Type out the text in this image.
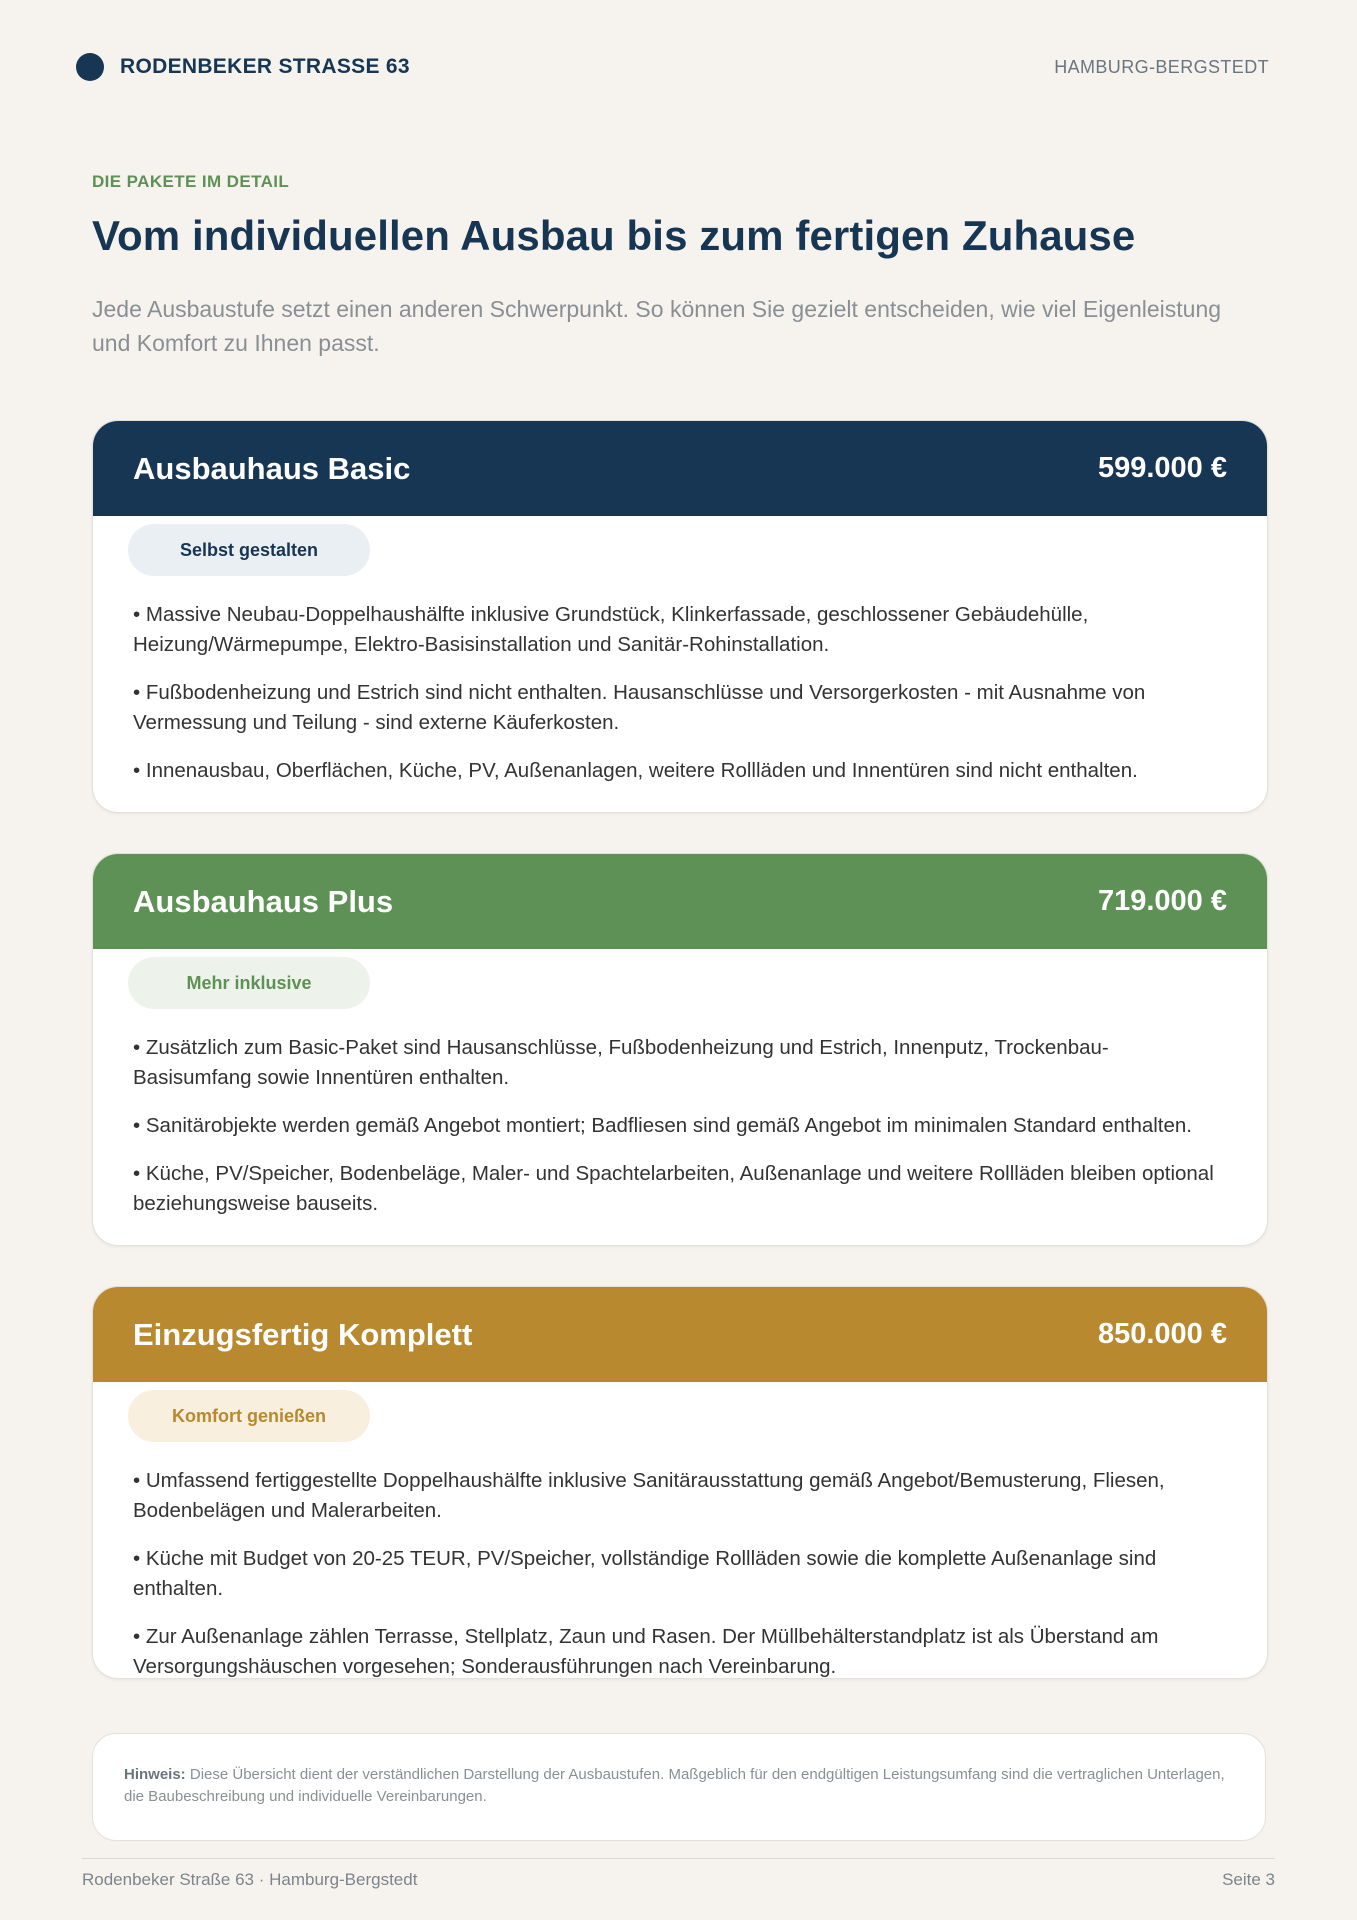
RODENBEKER STRASSE 63	HAMBURG-BERGSTEDT
DIE PAKETE IM DETAIL
Vom individuellen Ausbau bis zum fertigen Zuhause

Jede Ausbaustufe setzt einen anderen Schwerpunkt. So können Sie gezielt entscheiden, wie viel Eigenleistung und Komfort zu Ihnen passt.

Ausbauhaus Basic	599.000 €
Selbst gestalten

• Massive Neubau-Doppelhaushälfte inklusive Grundstück, Klinkerfassade, geschlossener Gebäudehülle, Heizung/Wärmepumpe, Elektro-Basisinstallation und Sanitär-Rohinstallation.

• Fußbodenheizung und Estrich sind nicht enthalten. Hausanschlüsse und Versorgerkosten - mit Ausnahme von Vermessung und Teilung - sind externe Käuferkosten.

• Innenausbau, Oberflächen, Küche, PV, Außenanlagen, weitere Rollläden und Innentüren sind nicht enthalten.

Ausbauhaus Plus	719.000 €
Mehr inklusive

• Zusätzlich zum Basic-Paket sind Hausanschlüsse, Fußbodenheizung und Estrich, Innenputz, Trockenbau-Basisumfang sowie Innentüren enthalten.

• Sanitärobjekte werden gemäß Angebot montiert; Badfliesen sind gemäß Angebot im minimalen Standard enthalten.

• Küche, PV/Speicher, Bodenbeläge, Maler- und Spachtelarbeiten, Außenanlage und weitere Rollläden bleiben optional beziehungsweise bauseits.

Einzugsfertig Komplett	850.000 €
Komfort genießen

• Umfassend fertiggestellte Doppelhaushälfte inklusive Sanitärausstattung gemäß Angebot/Bemusterung, Fliesen, Bodenbelägen und Malerarbeiten.

• Küche mit Budget von 20-25 TEUR, PV/Speicher, vollständige Rollläden sowie die komplette Außenanlage sind enthalten.

• Zur Außenanlage zählen Terrasse, Stellplatz, Zaun und Rasen. Der Müllbehälterstandplatz ist als Überstand am Versorgungshäuschen vorgesehen; Sonderausführungen nach Vereinbarung.

Hinweis: Diese Übersicht dient der verständlichen Darstellung der Ausbaustufen. Maßgeblich für den endgültigen Leistungsumfang sind die vertraglichen Unterlagen, die Baubeschreibung und individuelle Vereinbarungen.
Rodenbeker Straße 63 · Hamburg-Bergstedt	Seite 3
